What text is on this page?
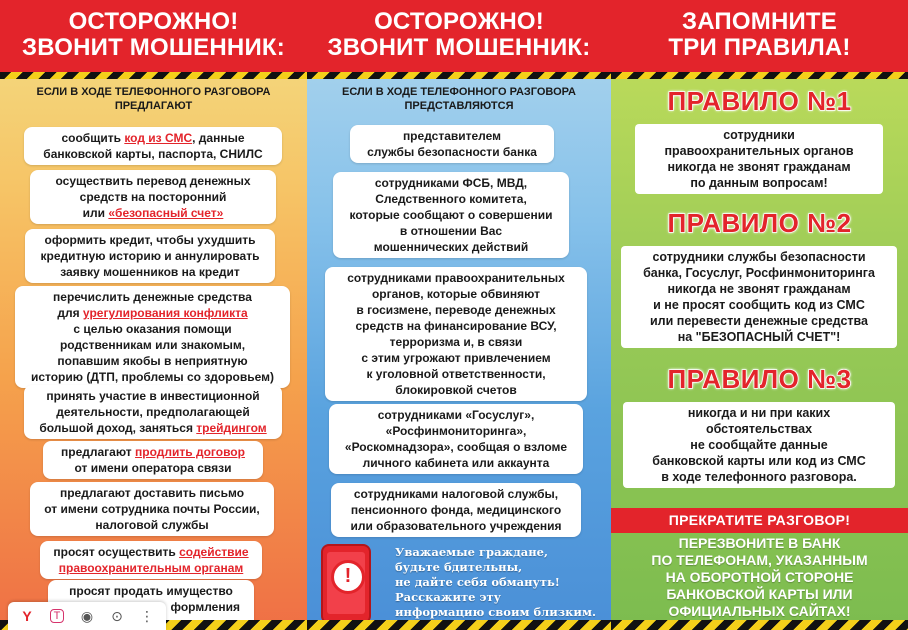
ОСТОРОЖНО!
ЗВОНИТ МОШЕННИК:
ЕСЛИ В ХОДЕ ТЕЛЕФОННОГО РАЗГОВОРА
ПРЕДЛАГАЮТ
сообщить код из СМС, данные
банковской карты, паспорта, СНИЛС
осуществить перевод денежных
средств на посторонний
или «безопасный счет»
оформить кредит, чтобы ухудшить
кредитную историю и аннулировать
заявку мошенников на кредит
перечислить денежные средства
для урегулирования конфликта
с целью оказания помощи
родственникам или знакомым,
попавшим якобы в неприятную
историю (ДТП, проблемы со здоровьем)
принять участие в инвестиционной
деятельности, предполагающей
большой доход, заняться трейдингом
предлагают продлить договор
от имени оператора связи
предлагают доставить письмо
от имени сотрудника почты России,
налоговой службы
просят осуществить содействие
правоохранительным органам
просят продать имущество
формления
Y	T ◉ ⊙ ⋮
ОСТОРОЖНО!
ЗВОНИТ МОШЕННИК:
ЕСЛИ В ХОДЕ ТЕЛЕФОННОГО РАЗГОВОРА
ПРЕДСТАВЛЯЮТСЯ
представителем
службы безопасности банка
сотрудниками ФСБ, МВД,
Следственного комитета,
которые сообщают о совершении
в отношении Вас
мошеннических действий
сотрудниками правоохранительных
органов, которые обвиняют
в госизмене, переводе денежных
средств на финансирование ВСУ,
терроризма и, в связи
с этим угрожают привлечением
к уголовной ответственности,
блокировкой счетов
сотрудниками «Госуслуг»,
«Росфинмониторинга»,
«Роскомнадзора», сообщая о взломе
личного кабинета или аккаунта
сотрудниками налоговой службы,
пенсионного фонда, медицинского
или образовательного учреждения
!
Уважаемые граждане,
будьте бдительны,
не дайте себя обмануть!
Расскажите эту
информацию своим близким.
ЗАПОМНИТЕ
ТРИ ПРАВИЛА!
ПРАВИЛО №1
сотрудники
правоохранительных органов
никогда не звонят гражданам
по данным вопросам!
ПРАВИЛО №2
сотрудники службы безопасности
банка, Госуслуг, Росфинмониторинга
никогда не звонят гражданам
и не просят сообщить код из СМС
или перевести денежные средства
на "БЕЗОПАСНЫЙ СЧЕТ"!
ПРАВИЛО №3
никогда и ни при каких
обстоятельствах
не сообщайте данные
банковской карты или код из СМС
в ходе телефонного разговора.
ПРЕКРАТИТЕ РАЗГОВОР!
ПЕРЕЗВОНИТЕ В БАНК
ПО ТЕЛЕФОНАМ, УКАЗАННЫМ
НА ОБОРОТНОЙ СТОРОНЕ
БАНКОВСКОЙ КАРТЫ ИЛИ
ОФИЦИАЛЬНЫХ САЙТАХ!
